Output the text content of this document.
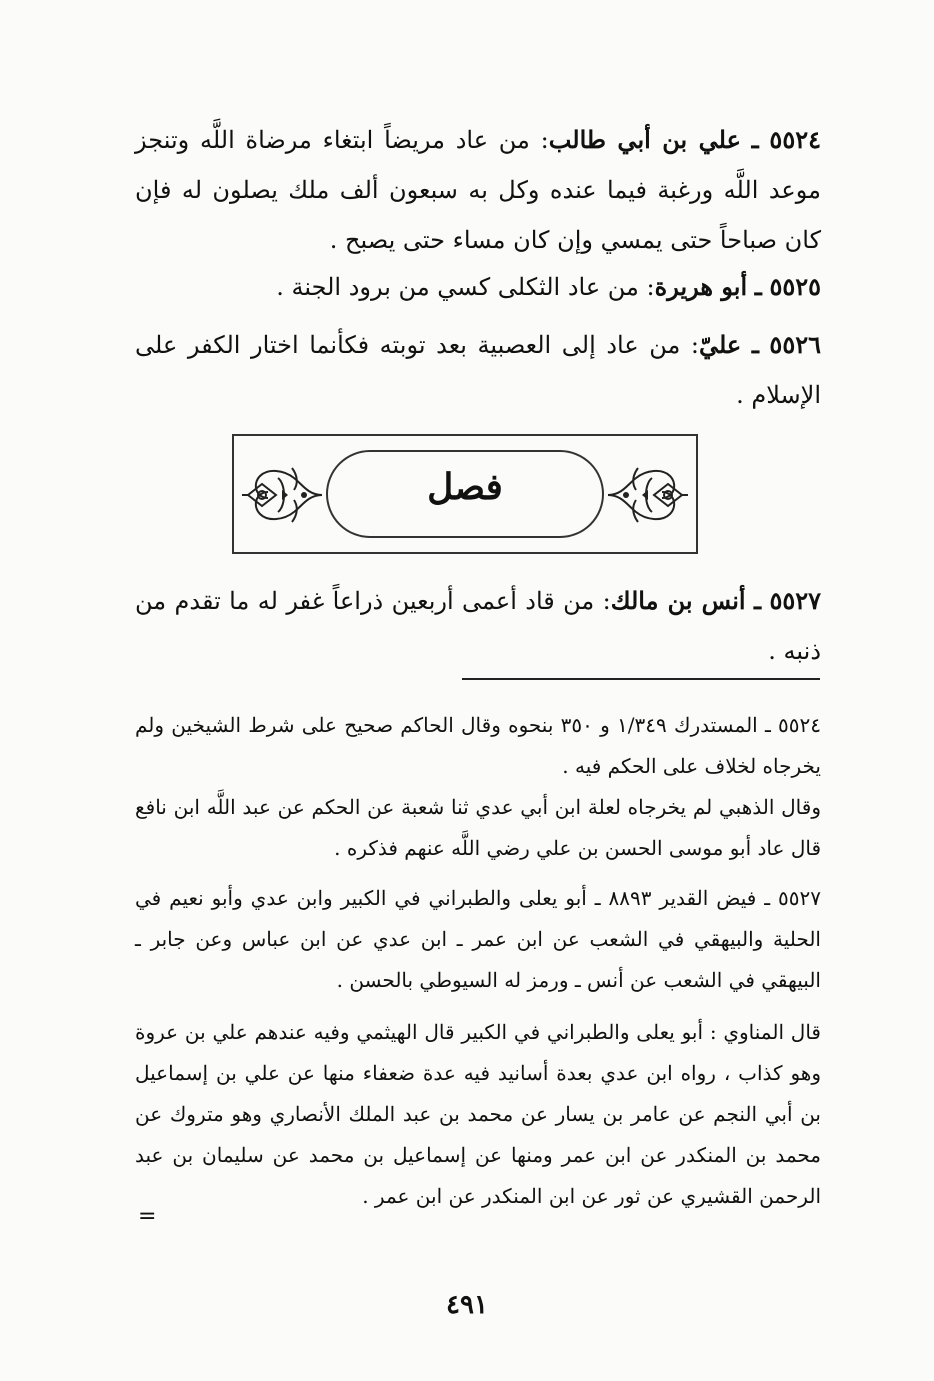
٥٥٢٤ ـ علي بن أبي طالب: من عاد مريضاً ابتغاء مرضاة اللَّه وتنجز موعد اللَّه ورغبة فيما عنده وكل به سبعون ألف ملك يصلون له فإن كان صباحاً حتى يمسي وإن كان مساء حتى يصبح .
٥٥٢٥ ـ أبو هريرة: من عاد الثكلى كسي من برود الجنة .
٥٥٢٦ ـ عليّ: من عاد إلى العصبية بعد توبته فكأنما اختار الكفر على الإسلام .
فصل
٥٥٢٧ ـ أنس بن مالك: من قاد أعمى أربعين ذراعاً غفر له ما تقدم من ذنبه .
٥٥٢٤ ـ المستدرك ١/٣٤٩ و ٣٥٠ بنحوه وقال الحاكم صحيح على شرط الشيخين ولم يخرجاه لخلاف على الحكم فيه .
وقال الذهبي لم يخرجاه لعلة ابن أبي عدي ثنا شعبة عن الحكم عن عبد اللَّه ابن نافع قال عاد أبو موسى الحسن بن علي رضي اللَّه عنهم فذكره .
٥٥٢٧ ـ فيض القدير ٨٨٩٣ ـ أبو يعلى والطبراني في الكبير وابن عدي وأبو نعيم في الحلية والبيهقي في الشعب عن ابن عمر ـ ابن عدي عن ابن عباس وعن جابر ـ البيهقي في الشعب عن أنس ـ ورمز له السيوطي بالحسن .
قال المناوي : أبو يعلى والطبراني في الكبير قال الهيثمي وفيه عندهم علي بن عروة وهو كذاب ، رواه ابن عدي بعدة أسانيد فيه عدة ضعفاء منها عن علي بن إسماعيل بن أبي النجم عن عامر بن يسار عن محمد بن عبد الملك الأنصاري وهو متروك عن محمد بن المنكدر عن ابن عمر ومنها عن إسماعيل بن محمد عن سليمان بن عبد الرحمن القشيري عن ثور عن ابن المنكدر عن ابن عمر .
=
٤٩١
